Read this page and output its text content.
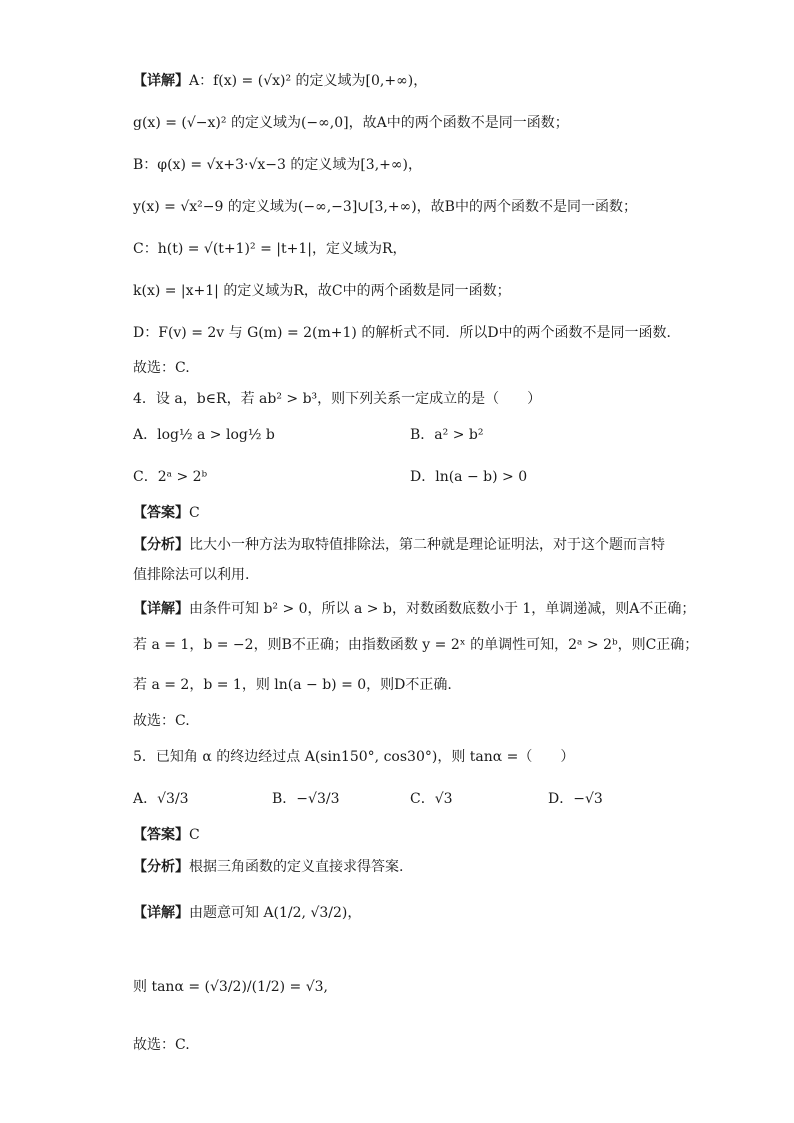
【详解】A：f(x) = (√x)² 的定义域为[0,+∞)，
g(x) = (√−x)² 的定义域为(−∞,0]，故A中的两个函数不是同一函数；
B：φ(x) = √x+3·√x−3 的定义域为[3,+∞)，
y(x) = √x²−9 的定义域为(−∞,−3]∪[3,+∞)，故B中的两个函数不是同一函数；
C：h(t) = √(t+1)² = |t+1|，定义域为R，
k(x) = |x+1| 的定义域为R，故C中的两个函数是同一函数；
D：F(v) = 2v 与 G(m) = 2(m+1) 的解析式不同．所以D中的两个函数不是同一函数．
故选：C.
4．设 a，b∈R，若 ab² > b³，则下列关系一定成立的是（　　）
A．log½ a > log½ b	B．a² > b²
C．2ᵃ > 2ᵇ	D．ln(a − b) > 0
【答案】C
【分析】比大小一种方法为取特值排除法，第二种就是理论证明法，对于这个题而言特
值排除法可以利用.
【详解】由条件可知 b² > 0，所以 a > b，对数函数底数小于 1，单调递减，则A不正确；
若 a = 1，b = −2，则B不正确；由指数函数 y = 2ˣ 的单调性可知，2ᵃ > 2ᵇ，则C正确；
若 a = 2，b = 1，则 ln(a − b) = 0，则D不正确.
故选：C.
5．已知角 α 的终边经过点 A(sin150°, cos30°)，则 tanα =（　　）
A．√3/3	B．−√3/3	C．√3	D．−√3
【答案】C
【分析】根据三角函数的定义直接求得答案.
【详解】由题意可知 A(1/2, √3/2)，
则 tanα = (√3/2)/(1/2) = √3,
故选：C.
